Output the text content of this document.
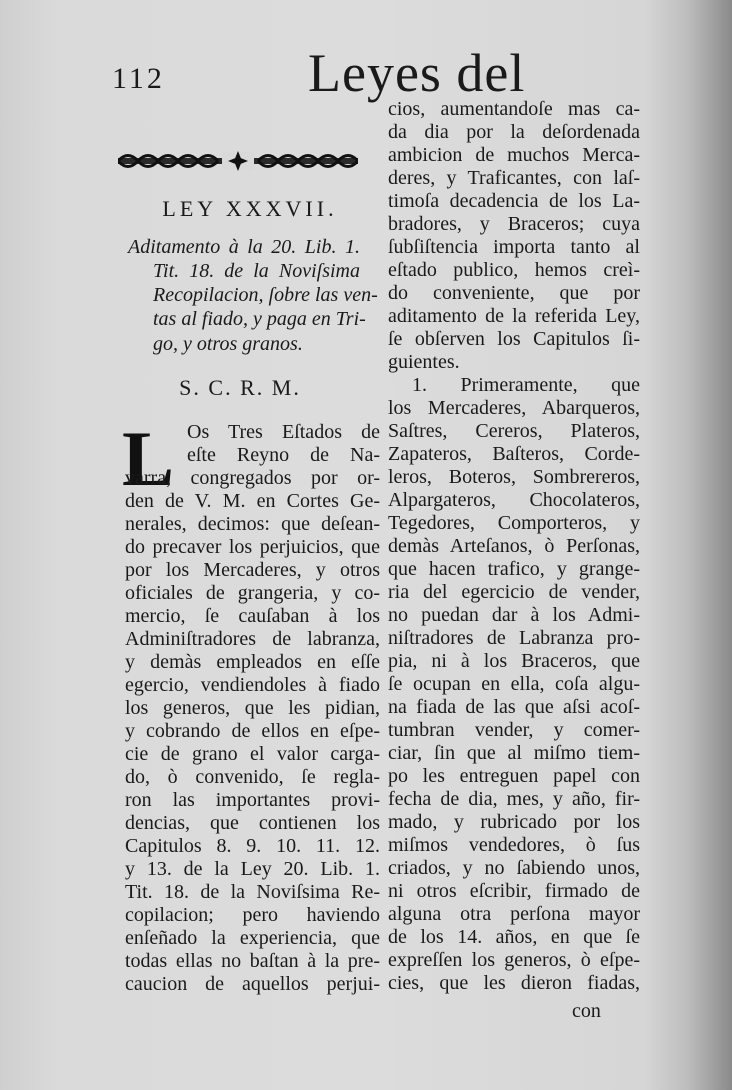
112	Leyes del
LEY XXXVII.
Aditamento à la 20. Lib. 1.
Tit. 18. de la Noviſsima
Recopilacion, ſobre las ven-
tas al fiado, y paga en Tri-
go, y otros granos.
S. C. R. M.
L Os Tres Eſtados de
eſte Reyno de Na-
varra, congregados por or-
den de V. M. en Cortes Ge-
nerales, decimos: que deſean-
do precaver los perjuicios, que
por los Mercaderes, y otros
oficiales de grangeria, y co-
mercio, ſe cauſaban à los
Adminiſtradores de labranza,
y demàs empleados en eſſe
egercio, vendiendoles à fiado
los generos, que les pidian,
y cobrando de ellos en eſpe-
cie de grano el valor carga-
do, ò convenido, ſe regla-
ron las importantes provi-
dencias, que contienen los
Capitulos 8. 9. 10. 11. 12.
y 13. de la Ley 20. Lib. 1.
Tit. 18. de la Noviſsima Re-
copilacion; pero haviendo
enſeñado la experiencia, que
todas ellas no baſtan à la pre-
caucion de aquellos perjui-
cios, aumentandoſe mas ca-
da dia por la deſordenada
ambicion de muchos Merca-
deres, y Traficantes, con laſ-
timoſa decadencia de los La-
bradores, y Braceros; cuya
ſubſiſtencia importa tanto al
eſtado publico, hemos creì-
do conveniente, que por
aditamento de la referida Ley,
ſe obſerven los Capitulos ſi-
guientes.
1. Primeramente, que
los Mercaderes, Abarqueros,
Saſtres, Cereros, Plateros,
Zapateros, Baſteros, Corde-
leros, Boteros, Sombrereros,
Alpargateros, Chocolateros,
Tegedores, Comporteros, y
demàs Arteſanos, ò Perſonas,
que hacen trafico, y grange-
ria del egercicio de vender,
no puedan dar à los Admi-
niſtradores de Labranza pro-
pia, ni à los Braceros, que
ſe ocupan en ella, coſa algu-
na fiada de las que aſsi acoſ-
tumbran vender, y comer-
ciar, ſin que al miſmo tiem-
po les entreguen papel con
fecha de dia, mes, y año, fir-
mado, y rubricado por los
miſmos vendedores, ò ſus
criados, y no ſabiendo unos,
ni otros eſcribir, firmado de
alguna otra perſona mayor
de los 14. años, en que ſe
expreſſen los generos, ò eſpe-
cies, que les dieron fiadas,
con
